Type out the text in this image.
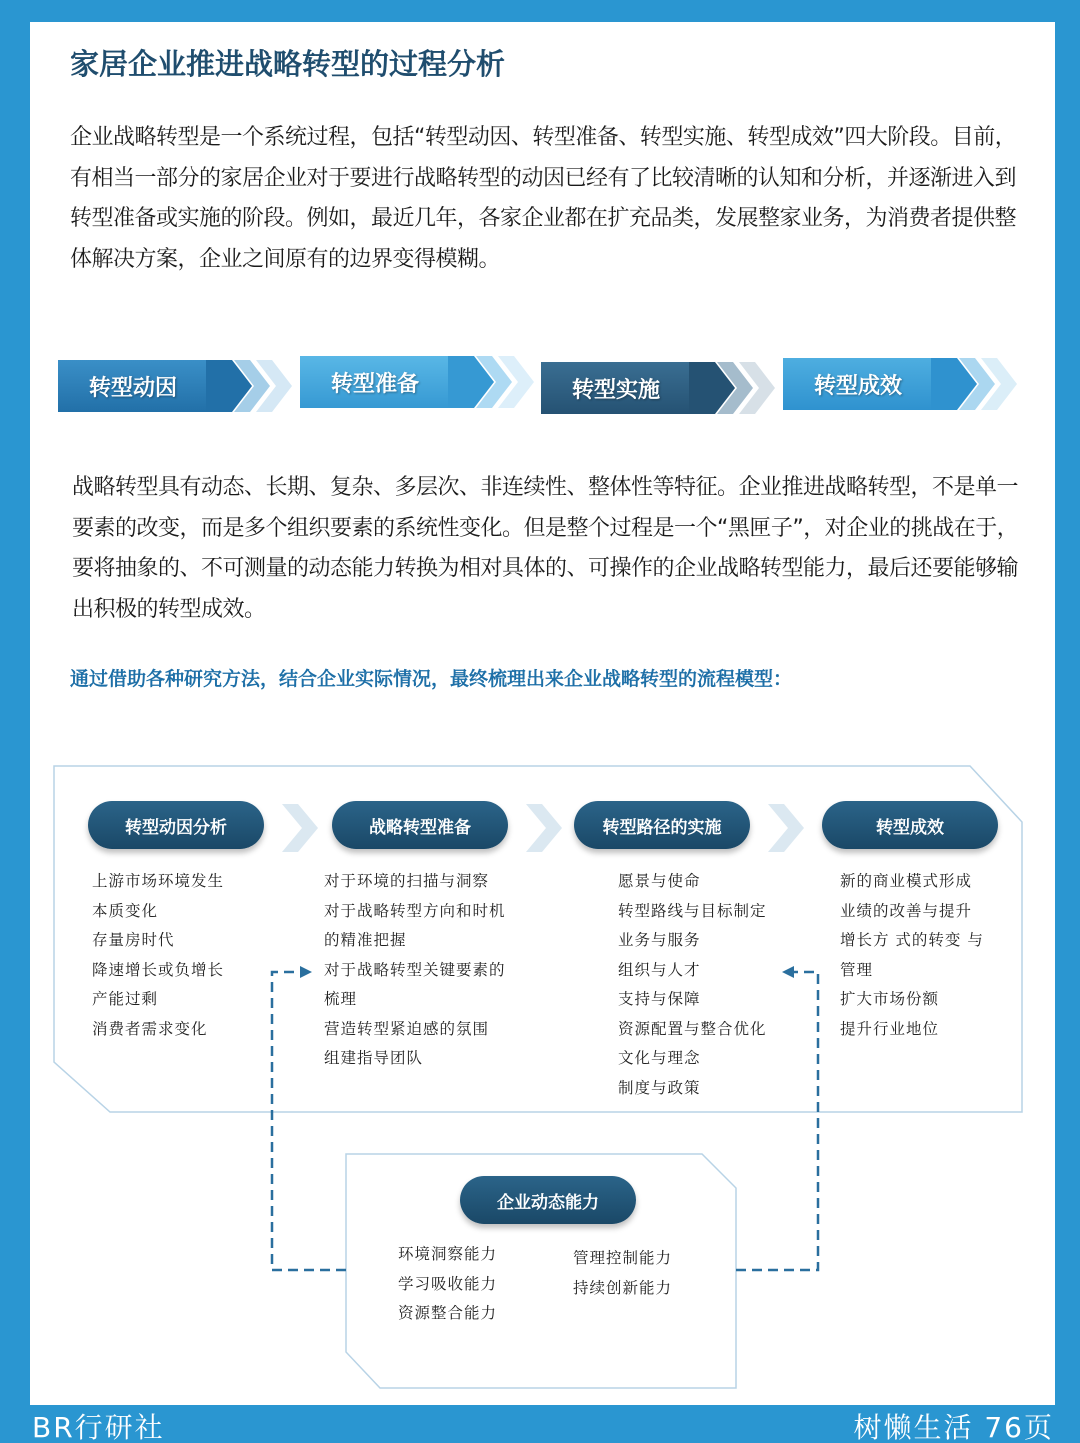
家居企业推进战略转型的过程分析
企业战略转型是一个系统过程，包括“转型动因、转型准备、转型实施、转型成效”四大阶段。目前，有相当一部分的家居企业对于要进行战略转型的动因已经有了比较清晰的认知和分析，并逐渐进入到转型准备或实施的阶段。例如，最近几年，各家企业都在扩充品类，发展整家业务，为消费者提供整体解决方案，企业之间原有的边界变得模糊。
转型动因	转型准备	转型实施	转型成效
战略转型具有动态、长期、复杂、多层次、非连续性、整体性等特征。企业推进战略转型，不是单一要素的改变，而是多个组织要素的系统性变化。但是整个过程是一个“黑匣子”，对企业的挑战在于，要将抽象的、不可测量的动态能力转换为相对具体的、可操作的企业战略转型能力，最后还要能够输出积极的转型成效。
通过借助各种研究方法，结合企业实际情况，最终梳理出来企业战略转型的流程模型：
转型动因分析	战略转型准备	转型路径的实施	转型成效
上游市场环境发生
本质变化
存量房时代
降速增长或负增长
产能过剩
消费者需求变化
对于环境的扫描与洞察
对于战略转型方向和时机
的精准把握
对于战略转型关键要素的
梳理
营造转型紧迫感的氛围
组建指导团队
愿景与使命
转型路线与目标制定
业务与服务
组织与人才
支持与保障
资源配置与整合优化
文化与理念
制度与政策
新的商业模式形成
业绩的改善与提升
增长方 式的转变 与
管理
扩大市场份额
提升行业地位
企业动态能力
环境洞察能力
学习吸收能力
资源整合能力
管理控制能力
持续创新能力
BR行研社	树懒生活 76页
